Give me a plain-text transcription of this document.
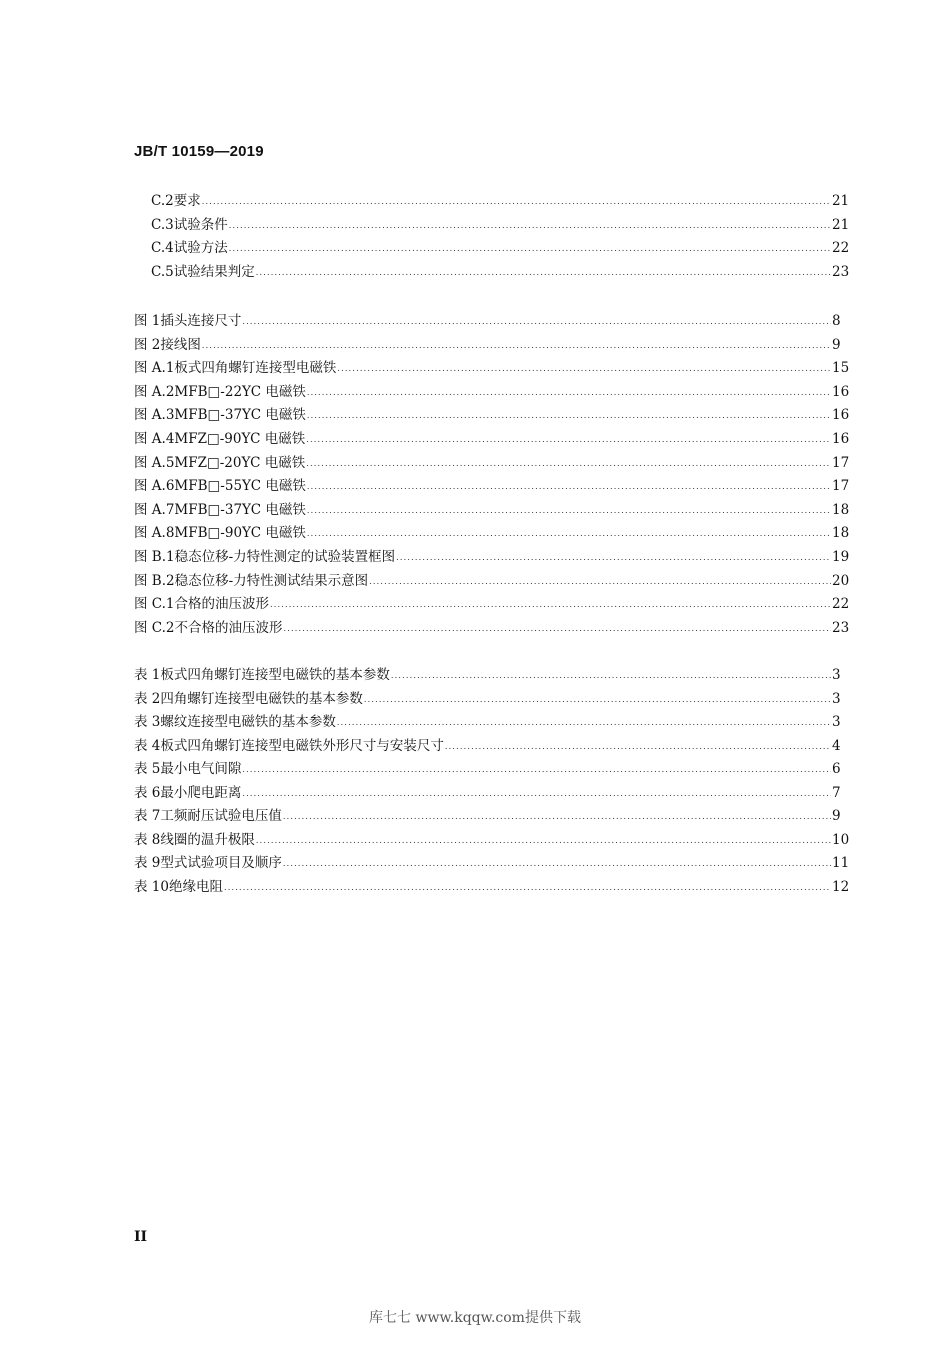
JB/T 10159—2019
C.2 要求 .....	21
C.3 试验条件 .....	21
C.4 试验方法 .....	22
C.5 试验结果判定 .....	23
图 1 插头连接尺寸 .....	8
图 2 接线图 .....	9
图 A.1 板式四角螺钉连接型电磁铁 .....	15
图 A.2 MFB□-22YC 电磁铁 .....	16
图 A.3 MFB□-37YC 电磁铁 .....	16
图 A.4 MFZ□-90YC 电磁铁 .....	16
图 A.5 MFZ□-20YC 电磁铁 .....	17
图 A.6 MFB□-55YC 电磁铁 .....	17
图 A.7 MFB□-37YC 电磁铁 .....	18
图 A.8 MFB□-90YC 电磁铁 .....	18
图 B.1 稳态位移-力特性测定的试验装置框图 .....	19
图 B.2 稳态位移-力特性测试结果示意图 .....	20
图 C.1 合格的油压波形 .....	22
图 C.2 不合格的油压波形 .....	23
表 1 板式四角螺钉连接型电磁铁的基本参数 .....	3
表 2 四角螺钉连接型电磁铁的基本参数 .....	3
表 3 螺纹连接型电磁铁的基本参数 .....	3
表 4 板式四角螺钉连接型电磁铁外形尺寸与安装尺寸 .....	4
表 5 最小电气间隙 .....	6
表 6 最小爬电距离 .....	7
表 7 工频耐压试验电压值 .....	9
表 8 线圈的温升极限 .....	10
表 9 型式试验项目及顺序 .....	11
表 10 绝缘电阻 .....	12
II
库七七 www.kqqw.com提供下载
